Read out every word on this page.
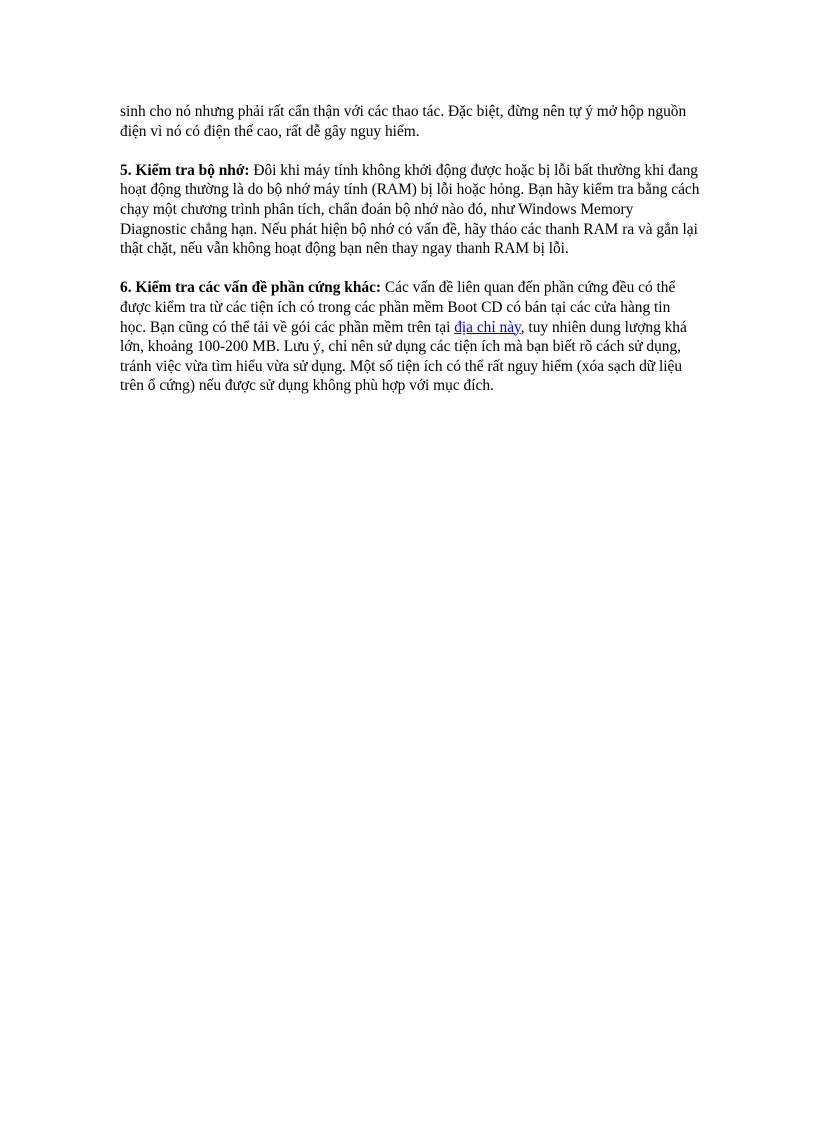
sinh cho nó nhưng phải rất cẩn thận với các thao tác. Đặc biệt, đừng nên tự ý mở hộp nguồn điện vì nó có điện thế cao, rất dễ gây nguy hiểm.

5. Kiểm tra bộ nhớ: Đôi khi máy tính không khởi động được hoặc bị lỗi bất thường khi đang hoạt động thường là do bộ nhớ máy tính (RAM) bị lỗi hoặc hỏng. Bạn hãy kiểm tra bằng cách chạy một chương trình phân tích, chẩn đoán bộ nhớ nào đó, như Windows Memory Diagnostic chẳng hạn. Nếu phát hiện bộ nhớ có vấn đề, hãy tháo các thanh RAM ra và gắn lại thật chặt, nếu vẫn không hoạt động bạn nên thay ngay thanh RAM bị lỗi.

6. Kiểm tra các vấn đề phần cứng khác: Các vấn đề liên quan đến phần cứng đều có thể được kiểm tra từ các tiện ích có trong các phần mềm Boot CD có bán tại các cửa hàng tin học. Bạn cũng có thể tải về gói các phần mềm trên tại địa chỉ này, tuy nhiên dung lượng khá lớn, khoảng 100-200 MB. Lưu ý, chỉ nên sử dụng các tiện ích mà bạn biết rõ cách sử dụng, tránh việc vừa tìm hiểu vừa sử dụng. Một số tiện ích có thể rất nguy hiểm (xóa sạch dữ liệu trên ổ cứng) nếu được sử dụng không phù hợp với mục đích.
